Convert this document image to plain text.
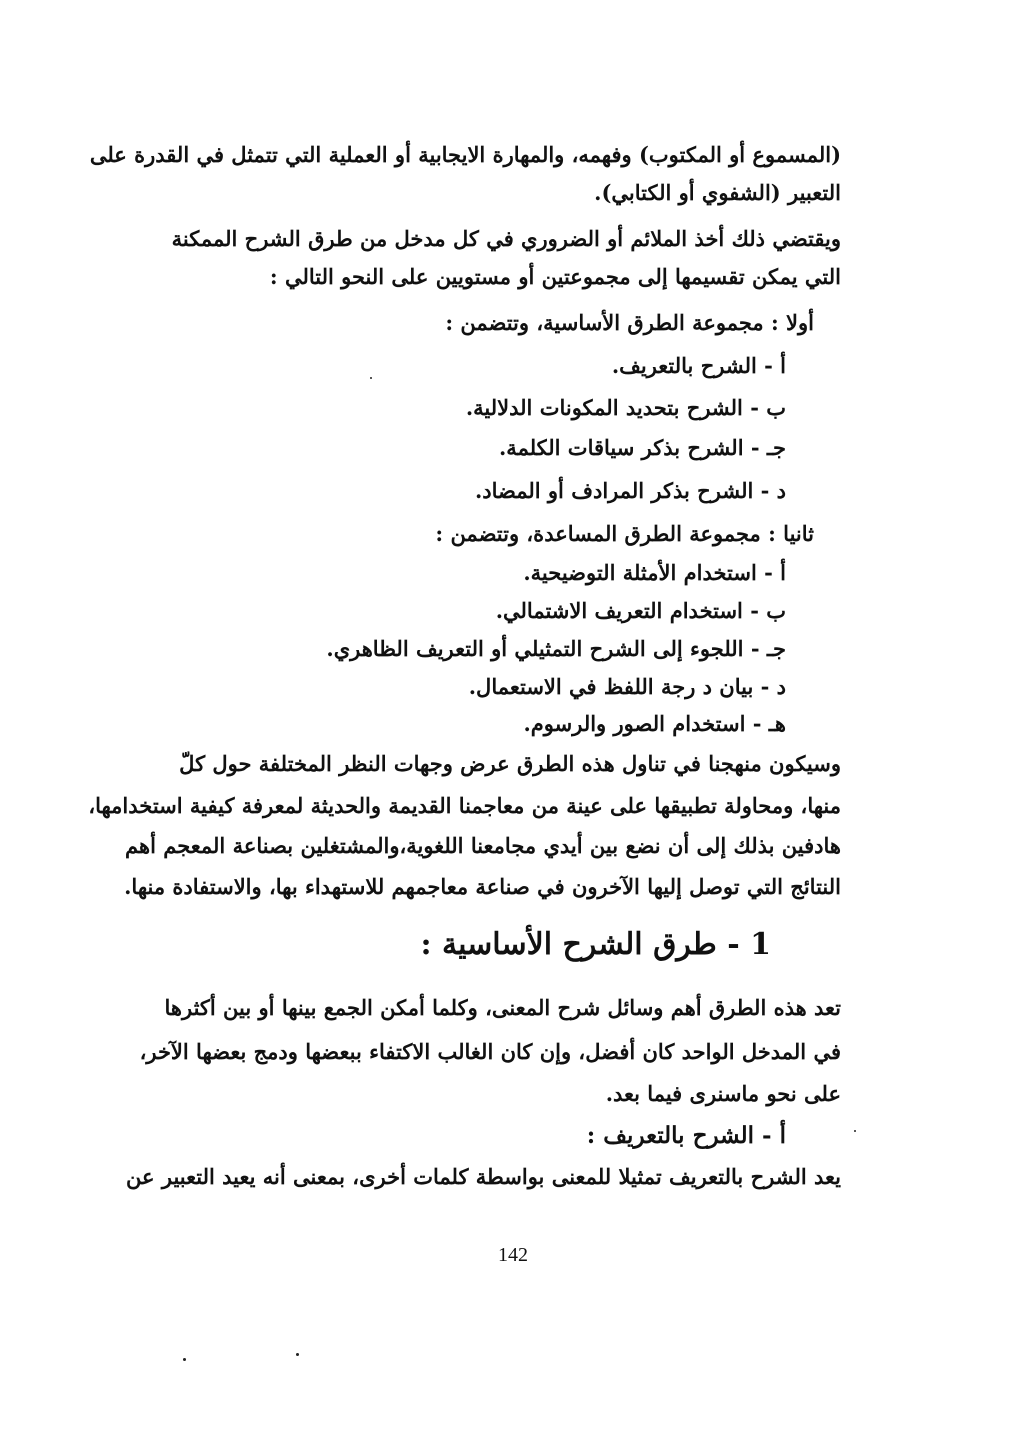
(المسموع أو المكتوب) وفهمه، والمهارة الايجابية أو العملية التي تتمثل في القدرة على
التعبير (الشفوي أو الكتابي).
ويقتضي ذلك أخذ الملائم أو الضروري في كل مدخل من طرق الشرح الممكنة
التي يمكن تقسيمها إلى مجموعتين أو مستويين على النحو التالي :
أولا : مجموعة الطرق الأساسية، وتتضمن :
أ - الشرح بالتعريف.
ب - الشرح بتحديد المكونات الدلالية.
جـ - الشرح بذكر سياقات الكلمة.
د - الشرح بذكر المرادف أو المضاد.
ثانيا : مجموعة الطرق المساعدة، وتتضمن :
أ - استخدام الأمثلة التوضيحية.
ب - استخدام التعريف الاشتمالي.
جـ - اللجوء إلى الشرح التمثيلي أو التعريف الظاهري.
د - بيان د رجة اللفظ في الاستعمال.
هـ - استخدام الصور والرسوم.
وسيكون منهجنا في تناول هذه الطرق عرض وجهات النظر المختلفة حول كلّ
منها، ومحاولة تطبيقها على عينة من معاجمنا القديمة والحديثة لمعرفة كيفية استخدامها،
هادفين بذلك إلى أن نضع بين أيدي مجامعنا اللغوية،والمشتغلين بصناعة المعجم أهم
النتائج التي توصل إليها الآخرون في صناعة معاجمهم للاستهداء بها، والاستفادة منها.
1 - طرق الشرح الأساسية :
تعد هذه الطرق أهم وسائل شرح المعنى، وكلما أمكن الجمع بينها أو بين أكثرها
في المدخل الواحد كان أفضل، وإن كان الغالب الاكتفاء ببعضها ودمج بعضها الآخر،
على نحو ماسنرى فيما بعد.
أ - الشرح بالتعريف :
يعد الشرح بالتعريف تمثيلا للمعنى بواسطة كلمات أخرى، بمعنى أنه يعيد التعبير عن
142
